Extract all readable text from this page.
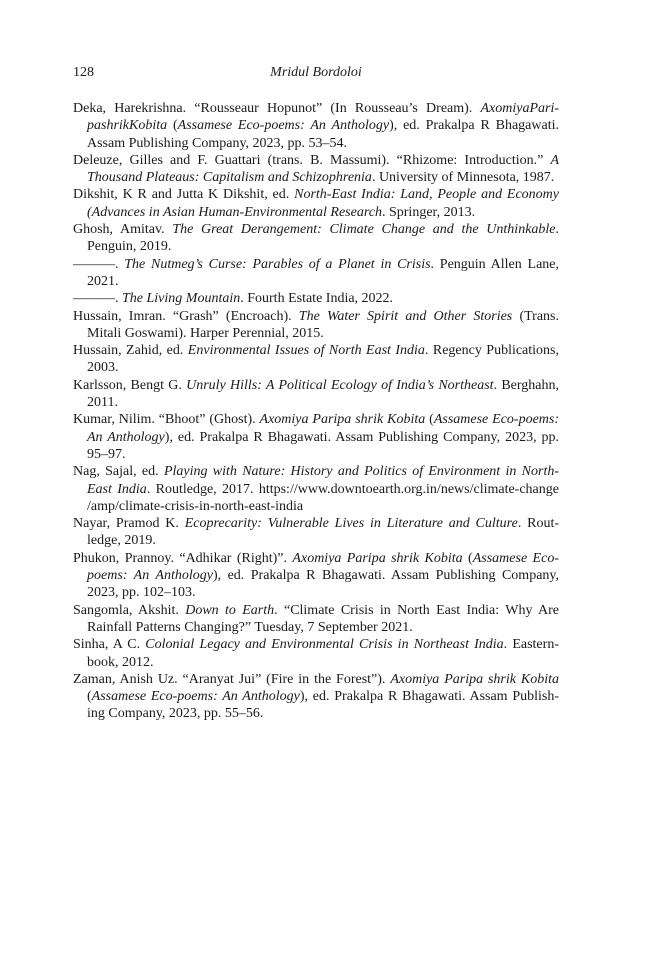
128	Mridul Bordoloi

Deka, Harekrishna. “Rousseaur Hopunot” (In Rousseau’s Dream). AxomiyaPari-pashrikKobita (Assamese Eco-poems: An Anthology), ed. Prakalpa R Bhagawati. Assam Publishing Company, 2023, pp. 53–54.

Deleuze, Gilles and F. Guattari (trans. B. Massumi). “Rhizome: Introduction.” A Thousand Plateaus: Capitalism and Schizophrenia. University of Minnesota, 1987.

Dikshit, K R and Jutta K Dikshit, ed. North-East India: Land, People and Economy (Advances in Asian Human-Environmental Research. Springer, 2013.

Ghosh, Amitav. The Great Derangement: Climate Change and the Unthinkable. Penguin, 2019.

———. The Nutmeg’s Curse: Parables of a Planet in Crisis. Penguin Allen Lane, 2021.

———. The Living Mountain. Fourth Estate India, 2022.

Hussain, Imran. “Grash” (Encroach). The Water Spirit and Other Stories (Trans. Mitali Goswami). Harper Perennial, 2015.

Hussain, Zahid, ed. Environmental Issues of North East India. Regency Publications, 2003.

Karlsson, Bengt G. Unruly Hills: A Political Ecology of India’s Northeast. Berghahn, 2011.

Kumar, Nilim. “Bhoot” (Ghost). Axomiya Paripa shrik Kobita (Assamese Eco-poems: An Anthology), ed. Prakalpa R Bhagawati. Assam Publishing Company, 2023, pp. 95–97.

Nag, Sajal, ed. Playing with Nature: History and Politics of Environment in North-East India. Routledge, 2017. https://www.downtoearth.org.in/news/climate-change /amp/climate-crisis-in-north-east-india

Nayar, Pramod K. Ecoprecarity: Vulnerable Lives in Literature and Culture. Rout-ledge, 2019.

Phukon, Prannoy. “Adhikar (Right)”. Axomiya Paripa shrik Kobita (Assamese Eco-poems: An Anthology), ed. Prakalpa R Bhagawati. Assam Publishing Company, 2023, pp. 102–103.

Sangomla, Akshit. Down to Earth. “Climate Crisis in North East India: Why Are Rainfall Patterns Changing?” Tuesday, 7 September 2021.

Sinha, A C. Colonial Legacy and Environmental Crisis in Northeast India. Eastern-book, 2012.

Zaman, Anish Uz. “Aranyat Jui” (Fire in the Forest”). Axomiya Paripa shrik Kobita (Assamese Eco-poems: An Anthology), ed. Prakalpa R Bhagawati. Assam Publish-ing Company, 2023, pp. 55–56.
